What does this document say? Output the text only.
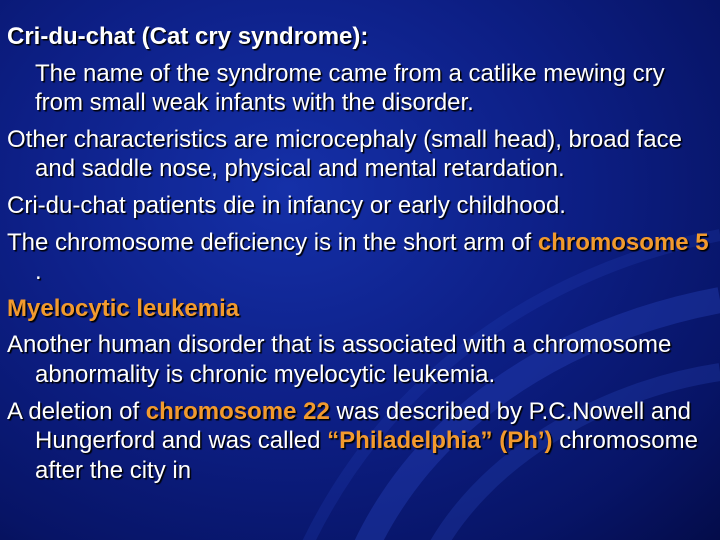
Cri-du-chat (Cat cry syndrome):

The name of the syndrome came from a catlike mewing cry from small weak infants with the disorder.

Other characteristics are microcephaly (small head), broad face and saddle nose, physical and mental retardation.

Cri-du-chat patients die in infancy or early childhood.

The chromosome deficiency is in the short arm of chromosome 5 .

Myelocytic leukemia

Another human disorder that is associated with a chromosome abnormality is chronic myelocytic leukemia.

A deletion of chromosome 22 was described by P.C.Nowell and Hungerford and was called “Philadelphia” (Ph’) chromosome after the city in
